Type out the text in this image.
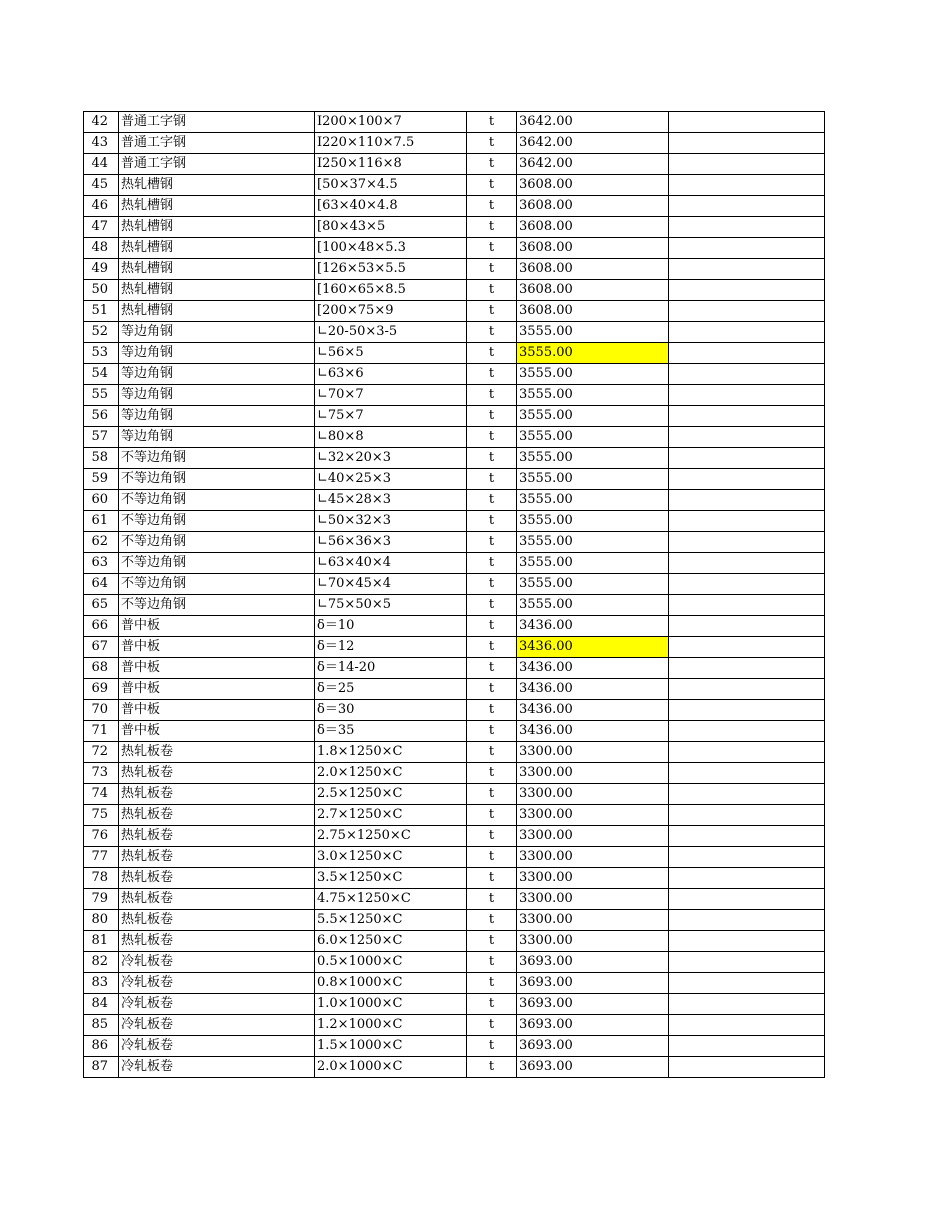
42	普通工字钢	I200×100×7	t	3642.00	
43	普通工字钢	I220×110×7.5	t	3642.00	
44	普通工字钢	I250×116×8	t	3642.00	
45	热轧槽钢	[50×37×4.5	t	3608.00	
46	热轧槽钢	[63×40×4.8	t	3608.00	
47	热轧槽钢	[80×43×5	t	3608.00	
48	热轧槽钢	[100×48×5.3	t	3608.00	
49	热轧槽钢	[126×53×5.5	t	3608.00	
50	热轧槽钢	[160×65×8.5	t	3608.00	
51	热轧槽钢	[200×75×9	t	3608.00	
52	等边角钢	∟20-50×3-5	t	3555.00	
53	等边角钢	∟56×5	t	3555.00	
54	等边角钢	∟63×6	t	3555.00	
55	等边角钢	∟70×7	t	3555.00	
56	等边角钢	∟75×7	t	3555.00	
57	等边角钢	∟80×8	t	3555.00	
58	不等边角钢	∟32×20×3	t	3555.00	
59	不等边角钢	∟40×25×3	t	3555.00	
60	不等边角钢	∟45×28×3	t	3555.00	
61	不等边角钢	∟50×32×3	t	3555.00	
62	不等边角钢	∟56×36×3	t	3555.00	
63	不等边角钢	∟63×40×4	t	3555.00	
64	不等边角钢	∟70×45×4	t	3555.00	
65	不等边角钢	∟75×50×5	t	3555.00	
66	普中板	δ＝10	t	3436.00	
67	普中板	δ＝12	t	3436.00	
68	普中板	δ＝14-20	t	3436.00	
69	普中板	δ＝25	t	3436.00	
70	普中板	δ＝30	t	3436.00	
71	普中板	δ＝35	t	3436.00	
72	热轧板卷	1.8×1250×C	t	3300.00	
73	热轧板卷	2.0×1250×C	t	3300.00	
74	热轧板卷	2.5×1250×C	t	3300.00	
75	热轧板卷	2.7×1250×C	t	3300.00	
76	热轧板卷	2.75×1250×C	t	3300.00	
77	热轧板卷	3.0×1250×C	t	3300.00	
78	热轧板卷	3.5×1250×C	t	3300.00	
79	热轧板卷	4.75×1250×C	t	3300.00	
80	热轧板卷	5.5×1250×C	t	3300.00	
81	热轧板卷	6.0×1250×C	t	3300.00	
82	冷轧板卷	0.5×1000×C	t	3693.00	
83	冷轧板卷	0.8×1000×C	t	3693.00	
84	冷轧板卷	1.0×1000×C	t	3693.00	
85	冷轧板卷	1.2×1000×C	t	3693.00	
86	冷轧板卷	1.5×1000×C	t	3693.00	
87	冷轧板卷	2.0×1000×C	t	3693.00	
